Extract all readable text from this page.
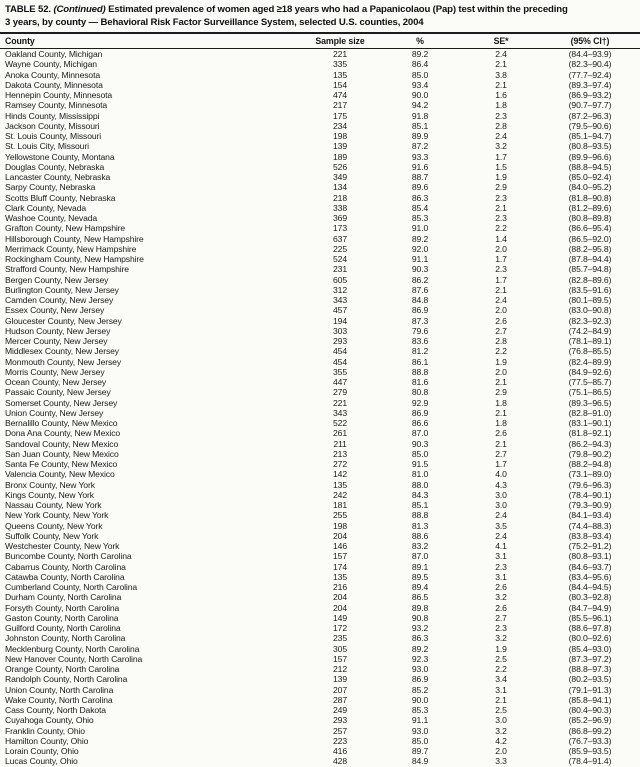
TABLE 52. (Continued) Estimated prevalence of women aged ≥18 years who had a Papanicolaou (Pap) test within the preceding
3 years, by county — Behavioral Risk Factor Surveillance System, selected U.S. counties, 2004
County	Sample size	%	SE*	(95% CI†)
Oakland County, Michigan	221	89.2	2.4	(84.4–93.9)
Wayne County, Michigan	335	86.4	2.1	(82.3–90.4)
Anoka County, Minnesota	135	85.0	3.8	(77.7–92.4)
Dakota County, Minnesota	154	93.4	2.1	(89.3–97.4)
Hennepin County, Minnesota	474	90.0	1.6	(86.9–93.2)
Ramsey County, Minnesota	217	94.2	1.8	(90.7–97.7)
Hinds County, Mississippi	175	91.8	2.3	(87.2–96.3)
Jackson County, Missouri	234	85.1	2.8	(79.5–90.6)
St. Louis County, Missouri	198	89.9	2.4	(85.1–94.7)
St. Louis City, Missouri	139	87.2	3.2	(80.8–93.5)
Yellowstone County, Montana	189	93.3	1.7	(89.9–96.6)
Douglas County, Nebraska	526	91.6	1.5	(88.8–94.5)
Lancaster County, Nebraska	349	88.7	1.9	(85.0–92.4)
Sarpy County, Nebraska	134	89.6	2.9	(84.0–95.2)
Scotts Bluff County, Nebraska	218	86.3	2.3	(81.8–90.8)
Clark County, Nevada	338	85.4	2.1	(81.2–89.6)
Washoe County, Nevada	369	85.3	2.3	(80.8–89.8)
Grafton County, New Hampshire	173	91.0	2.2	(86.6–95.4)
Hillsborough County, New Hampshire	637	89.2	1.4	(86.5–92.0)
Merrimack County, New Hampshire	225	92.0	2.0	(88.2–95.8)
Rockingham County, New Hampshire	524	91.1	1.7	(87.8–94.4)
Strafford County, New Hampshire	231	90.3	2.3	(85.7–94.8)
Bergen County, New Jersey	605	86.2	1.7	(82.8–89.6)
Burlington County, New Jersey	312	87.6	2.1	(83.5–91.6)
Camden County, New Jersey	343	84.8	2.4	(80.1–89.5)
Essex County, New Jersey	457	86.9	2.0	(83.0–90.8)
Gloucester County, New Jersey	194	87.3	2.6	(82.3–92.3)
Hudson County, New Jersey	303	79.6	2.7	(74.2–84.9)
Mercer County, New Jersey	293	83.6	2.8	(78.1–89.1)
Middlesex County, New Jersey	454	81.2	2.2	(76.8–85.5)
Monmouth County, New Jersey	454	86.1	1.9	(82.4–89.9)
Morris County, New Jersey	355	88.8	2.0	(84.9–92.6)
Ocean County, New Jersey	447	81.6	2.1	(77.5–85.7)
Passaic County, New Jersey	279	80.8	2.9	(75.1–86.5)
Somerset County, New Jersey	221	92.9	1.8	(89.3–96.5)
Union County, New Jersey	343	86.9	2.1	(82.8–91.0)
Bernalillo County, New Mexico	522	86.6	1.8	(83.1–90.1)
Dona Ana County, New Mexico	261	87.0	2.6	(81.8–92.1)
Sandoval County, New Mexico	211	90.3	2.1	(86.2–94.3)
San Juan County, New Mexico	213	85.0	2.7	(79.8–90.2)
Santa Fe County, New Mexico	272	91.5	1.7	(88.2–94.8)
Valencia County, New Mexico	142	81.0	4.0	(73.1–89.0)
Bronx County, New York	135	88.0	4.3	(79.6–96.3)
Kings County, New York	242	84.3	3.0	(78.4–90.1)
Nassau County, New York	181	85.1	3.0	(79.3–90.9)
New York County, New York	255	88.8	2.4	(84.1–93.4)
Queens County, New York	198	81.3	3.5	(74.4–88.3)
Suffolk County, New York	204	88.6	2.4	(83.8–93.4)
Westchester County, New York	146	83.2	4.1	(75.2–91.2)
Buncombe County, North Carolina	157	87.0	3.1	(80.8–93.1)
Cabarrus County, North Carolina	174	89.1	2.3	(84.6–93.7)
Catawba County, North Carolina	135	89.5	3.1	(83.4–95.6)
Cumberland County, North Carolina	216	89.4	2.6	(84.4–94.5)
Durham County, North Carolina	204	86.5	3.2	(80.3–92.8)
Forsyth County, North Carolina	204	89.8	2.6	(84.7–94.9)
Gaston County, North Carolina	149	90.8	2.7	(85.5–96.1)
Guilford County, North Carolina	172	93.2	2.3	(88.6–97.8)
Johnston County, North Carolina	235	86.3	3.2	(80.0–92.6)
Mecklenburg County, North Carolina	305	89.2	1.9	(85.4–93.0)
New Hanover County, North Carolina	157	92.3	2.5	(87.3–97.2)
Orange County, North Carolina	212	93.0	2.2	(88.8–97.3)
Randolph County, North Carolina	139	86.9	3.4	(80.2–93.5)
Union County, North Carolina	207	85.2	3.1	(79.1–91.3)
Wake County, North Carolina	287	90.0	2.1	(85.8–94.1)
Cass County, North Dakota	249	85.3	2.5	(80.4–90.3)
Cuyahoga County, Ohio	293	91.1	3.0	(85.2–96.9)
Franklin County, Ohio	257	93.0	3.2	(86.8–99.2)
Hamilton County, Ohio	223	85.0	4.2	(76.7–93.3)
Lorain County, Ohio	416	89.7	2.0	(85.9–93.5)
Lucas County, Ohio	428	84.9	3.3	(78.4–91.4)
